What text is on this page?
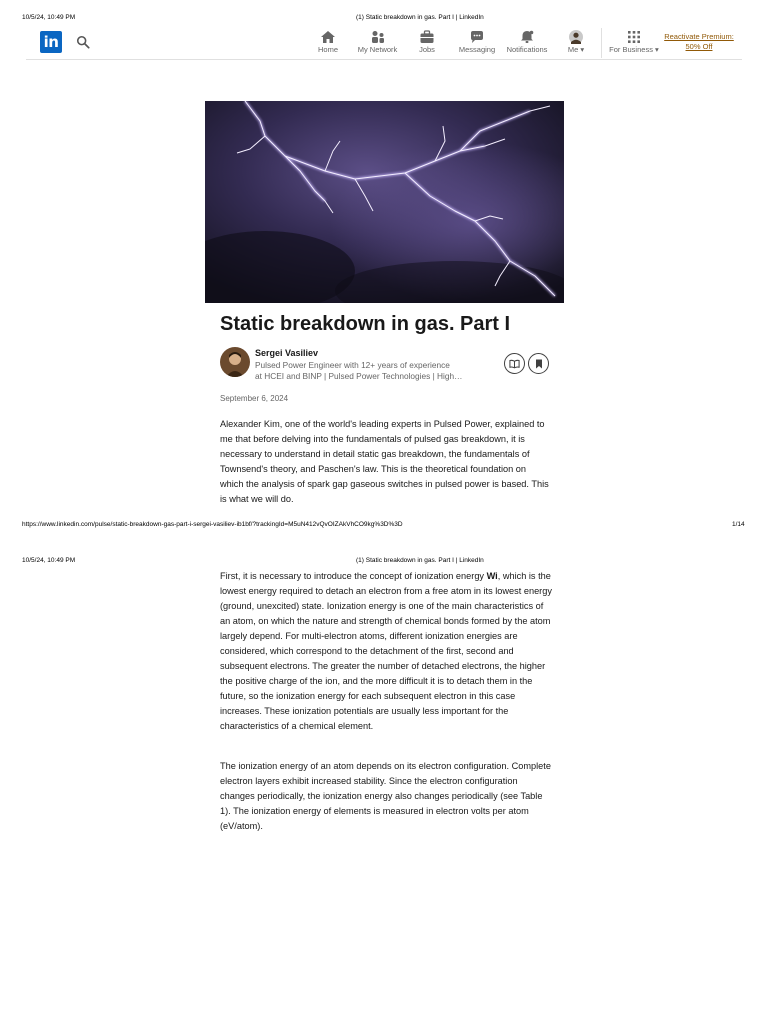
10/5/24, 10:49 PM	(1) Static breakdown in gas. Part I | LinkedIn
in	Home	My Network	Jobs	Messaging	Notifications	Me ▾	For Business ▾
Reactivate Premium:
50% Off
Static breakdown in gas. Part I
Sergei Vasiliev
Pulsed Power Engineer with 12+ years of experience
at HCEI and BINP | Pulsed Power Technologies | High…
September 6, 2024

Alexander Kim, one of the world's leading experts in Pulsed Power, explained to me that before delving into the fundamentals of pulsed gas breakdown, it is necessary to understand in detail static gas breakdown, the fundamentals of Townsend's theory, and Paschen's law. This is the theoretical foundation on which the analysis of spark gap gaseous switches in pulsed power is based. This is what we will do.

https://www.linkedin.com/pulse/static-breakdown-gas-part-i-sergei-vasiliev-ib1bf/?trackingId=M5uN412vQvOIZAkVhCO9kg%3D%3D	1/14
10/5/24, 10:49 PM	(1) Static breakdown in gas. Part I | LinkedIn

First, it is necessary to introduce the concept of ionization energy Wi, which is the lowest energy required to detach an electron from a free atom in its lowest energy (ground, unexcited) state. Ionization energy is one of the main characteristics of an atom, on which the nature and strength of chemical bonds formed by the atom largely depend. For multi-electron atoms, different ionization energies are considered, which correspond to the detachment of the first, second and subsequent electrons. The greater the number of detached electrons, the higher the positive charge of the ion, and the more difficult it is to detach them in the future, so the ionization energy for each subsequent electron in this case increases. These ionization potentials are usually less important for the characteristics of a chemical element.

The ionization energy of an atom depends on its electron configuration. Complete electron layers exhibit increased stability. Since the electron configuration changes periodically, the ionization energy also changes periodically (see Table 1). The ionization energy of elements is measured in electron volts per atom (eV/atom).
